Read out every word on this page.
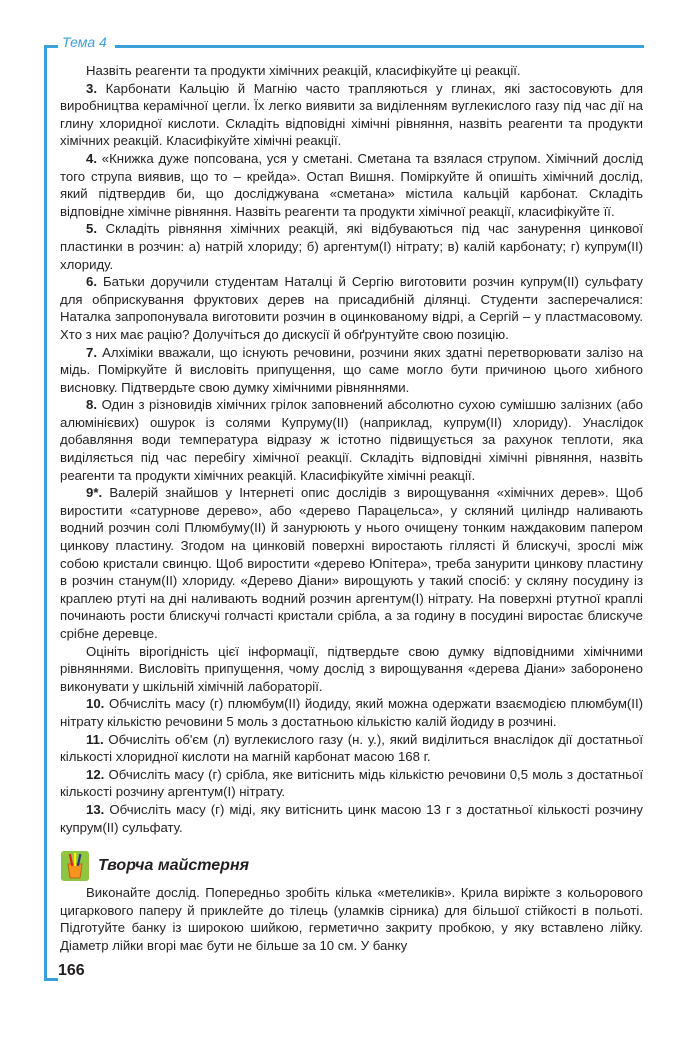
Тема 4

Назвіть реагенти та продукти хімічних реакцій, класифікуйте ці реакції.

3. Карбонати Кальцію й Магнію часто трапляються у глинах, які застосовують для виробництва керамічної цегли. Їх легко виявити за виділенням вуглекислого газу під час дії на глину хлоридної кислоти. Складіть відповідні хімічні рівняння, назвіть реагенти та продукти хімічних реакцій. Класифікуйте хімічні реакції.

4. «Книжка дуже попсована, уся у сметані. Сметана та взялася струпом. Хімічний дослід того струпа виявив, що то – крейда». Остап Вишня. Поміркуйте й опишіть хімічний дослід, який підтвердив би, що досліджувана «сметана» містила кальцій карбонат. Складіть відповідне хімічне рівняння. Назвіть реагенти та продукти хімічної реакції, класифікуйте її.

5. Складіть рівняння хімічних реакцій, які відбуваються під час занурення цинкової пластинки в розчин: а) натрій хлориду; б) аргентум(І) нітрату; в) калій карбонату; г) купрум(ІІ) хлориду.

6. Батьки доручили студентам Наталці й Сергію виготовити розчин купрум(ІІ) сульфату для обприскування фруктових дерев на присадибній ділянці. Студенти засперечалися: Наталка запропонувала виготовити розчин в оцинкованому відрі, а Сергій – у пластмасовому. Хто з них має рацію? Долучіться до дискусії й обґрунтуйте свою позицію.

7. Алхіміки вважали, що існують речовини, розчини яких здатні перетворювати залізо на мідь. Поміркуйте й висловіть припущення, що саме могло бути причиною цього хибного висновку. Підтвердьте свою думку хімічними рівняннями.

8. Один з різновидів хімічних грілок заповнений абсолютно сухою сумішшю залізних (або алюмінієвих) ошурок із солями Купруму(ІІ) (наприклад, купрум(ІІ) хлориду). Унаслідок добавляння води температура відразу ж істотно підвищується за рахунок теплоти, яка виділяється під час перебігу хімічної реакції. Складіть відповідні хімічні рівняння, назвіть реагенти та продукти хімічних реакцій. Класифікуйте хімічні реакції.

9*. Валерій знайшов у Інтернеті опис дослідів з вирощування «хімічних дерев». Щоб виростити «сатурнове дерево», або «дерево Парацельса», у скляний циліндр наливають водний розчин солі Плюмбуму(ІІ) й занурюють у нього очищену тонким наждаковим папером цинкову пластину. Згодом на цинковій поверхні виростають гіллясті й блискучі, зрослі між собою кристали свинцю. Щоб виростити «дерево Юпітера», треба занурити цинкову пластину в розчин станум(ІІ) хлориду. «Дерево Діани» вирощують у такий спосіб: у скляну посудину із краплею ртуті на дні наливають водний розчин аргентум(І) нітрату. На поверхні ртутної краплі починають рости блискучі голчасті кристали срібла, а за годину в посудині виростає блискуче срібне деревце.

Оцініть вірогідність цієї інформації, підтвердьте свою думку відповідними хімічними рівняннями. Висловіть припущення, чому дослід з вирощування «дерева Діани» заборонено виконувати у шкільній хімічній лабораторії.

10. Обчисліть масу (г) плюмбум(ІІ) йодиду, який можна одержати взаємодією плюмбум(ІІ) нітрату кількістю речовини 5 моль з достатньою кількістю калій йодиду в розчині.

11. Обчисліть об'єм (л) вуглекислого газу (н. у.), який виділиться внаслідок дії достатньої кількості хлоридної кислоти на магній карбонат масою 168 г.

12. Обчисліть масу (г) срібла, яке витіснить мідь кількістю речовини 0,5 моль з достатньої кількості розчину аргентум(І) нітрату.

13. Обчисліть масу (г) міді, яку витіснить цинк масою 13 г з достатньої кількості розчину купрум(ІІ) сульфату.

Творча майстерня

Виконайте дослід. Попередньо зробіть кілька «метеликів». Крила виріжте з кольорового цигаркового паперу й приклейте до тілець (уламків сірника) для більшої стійкості в польоті. Підготуйте банку із широкою шийкою, герметично закриту пробкою, у яку вставлено лійку. Діаметр лійки вгорі має бути не більше за 10 см. У банку

166
